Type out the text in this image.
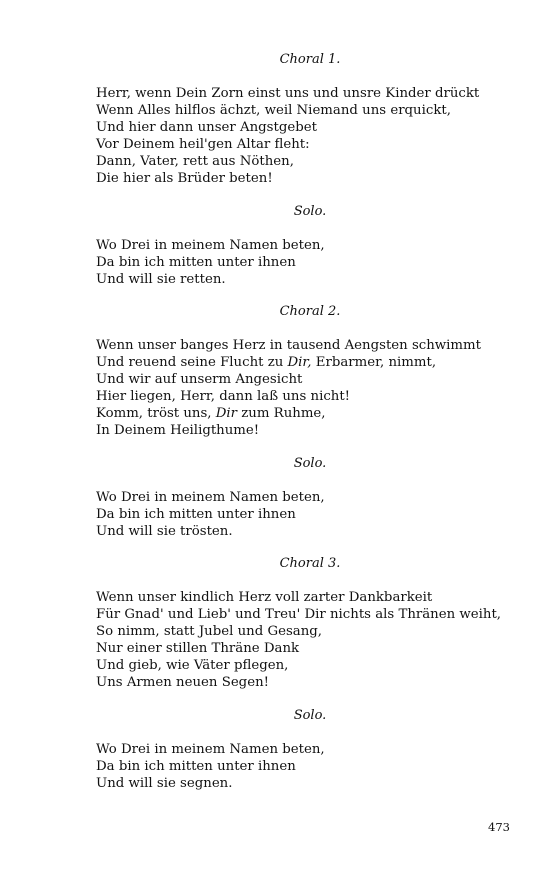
Choral 1.
Herr, wenn Dein Zorn einst uns und unsre Kinder drückt
Wenn Alles hilflos ächzt, weil Niemand uns erquickt,
Und hier dann unser Angstgebet
Vor Deinem heil'gen Altar fleht:
Dann, Vater, rett aus Nöthen,
Die hier als Brüder beten!
Solo.
Wo Drei in meinem Namen beten,
Da bin ich mitten unter ihnen
Und will sie retten.
Choral 2.
Wenn unser banges Herz in tausend Aengsten schwimmt
Und reuend seine Flucht zu Dir, Erbarmer, nimmt,
Und wir auf unserm Angesicht
Hier liegen, Herr, dann laß uns nicht!
Komm, tröst uns, Dir zum Ruhme,
In Deinem Heiligthume!
Solo.
Wo Drei in meinem Namen beten,
Da bin ich mitten unter ihnen
Und will sie trösten.
Choral 3.
Wenn unser kindlich Herz voll zarter Dankbarkeit
Für Gnad' und Lieb' und Treu' Dir nichts als Thränen weiht,
So nimm, statt Jubel und Gesang,
Nur einer stillen Thräne Dank
Und gieb, wie Väter pflegen,
Uns Armen neuen Segen!
Solo.
Wo Drei in meinem Namen beten,
Da bin ich mitten unter ihnen
Und will sie segnen.
473
